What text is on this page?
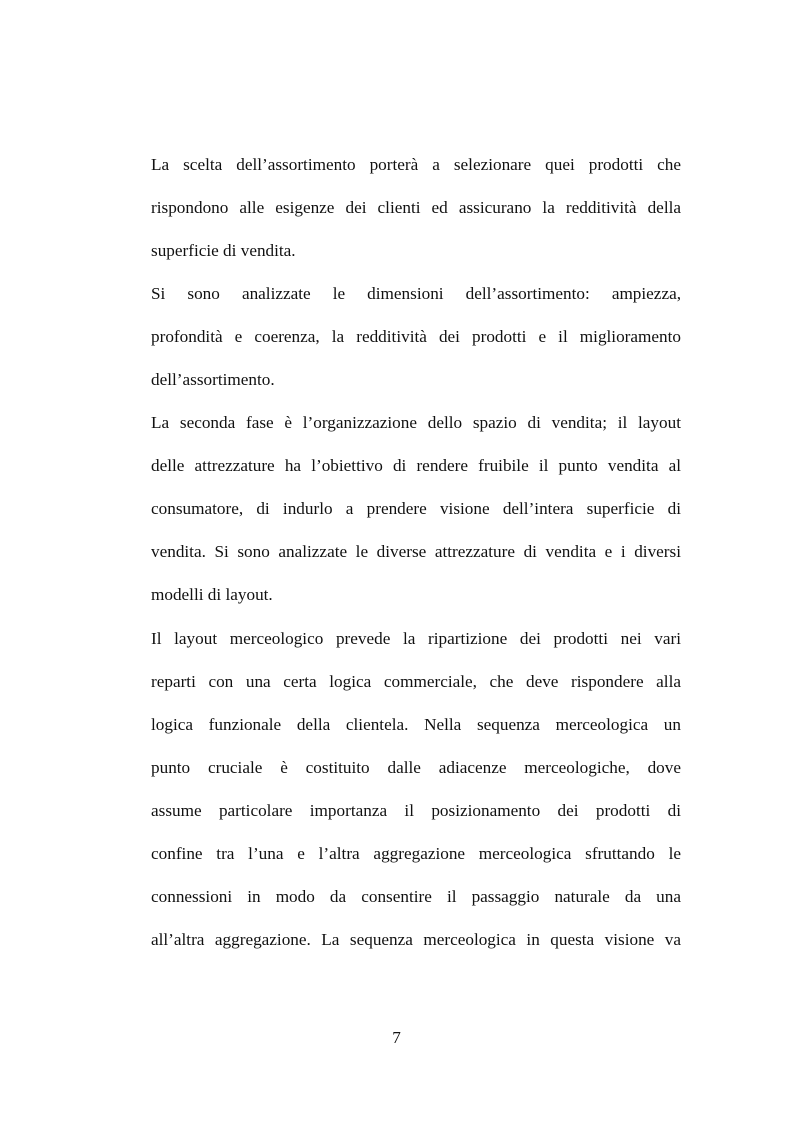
La scelta dell’assortimento porterà a selezionare quei prodotti che
rispondono alle esigenze dei clienti ed assicurano la redditività della
superficie di vendita.
Si sono analizzate le dimensioni dell’assortimento: ampiezza,
profondità e coerenza, la redditività dei prodotti e il miglioramento
dell’assortimento.
La seconda fase è l’organizzazione dello spazio di vendita; il layout
delle attrezzature ha l’obiettivo di rendere fruibile il punto vendita al
consumatore, di indurlo a prendere visione dell’intera superficie di
vendita. Si sono analizzate le diverse attrezzature di vendita e i diversi
modelli di layout.
Il layout merceologico prevede la ripartizione dei prodotti nei vari
reparti con una certa logica commerciale, che deve rispondere alla
logica funzionale della clientela. Nella sequenza merceologica un
punto cruciale è costituito dalle adiacenze merceologiche, dove
assume particolare importanza il posizionamento dei prodotti di
confine tra l’una e l’altra aggregazione merceologica sfruttando le
connessioni in modo da consentire il passaggio naturale da una
all’altra aggregazione. La sequenza merceologica in questa visione va
7
